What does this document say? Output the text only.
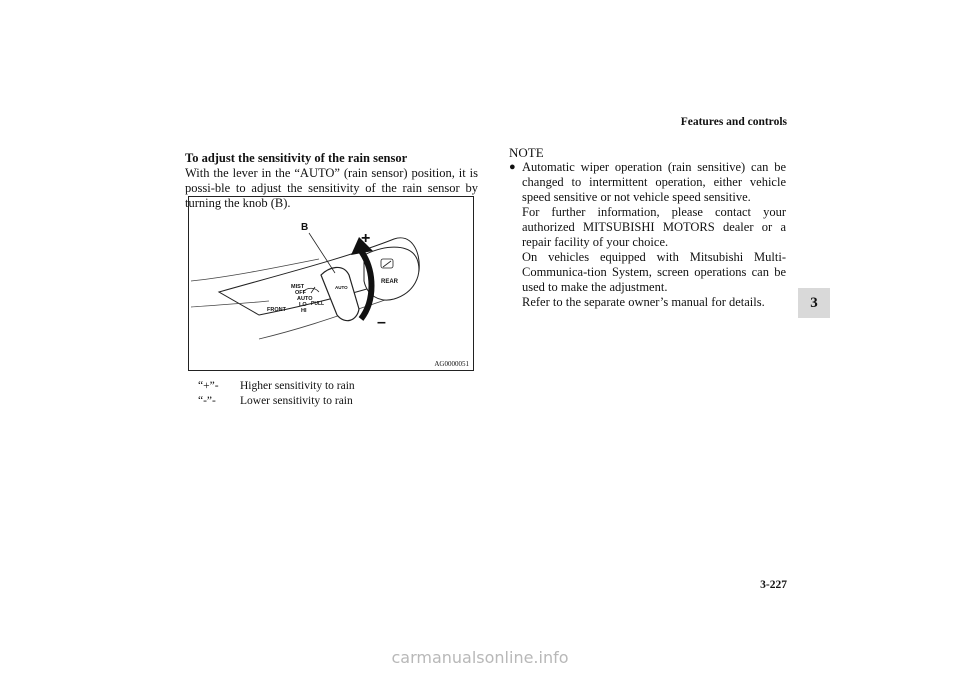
Features and controls
To adjust the sensitivity of the rain sensor
With the lever in the “AUTO” (rain sensor) position, it is possi-ble to adjust the sensitivity of the rain sensor by turning the knob (B).
B
+
–
MIST
OFF
AUTO
LO
HI
FRONT
PULL
AUTO
REAR
AG0000051
“+”-	Higher sensitivity to rain
“-”-	Lower sensitivity to rain
NOTE
● Automatic wiper operation (rain sensitive) can be changed to intermittent operation, either vehicle speed sensitive or not vehicle speed sensitive.

For further information, please contact your authorized MITSUBISHI MOTORS dealer or a repair facility of your choice.

On vehicles equipped with Mitsubishi Multi-Communica-tion System, screen operations can be used to make the adjustment.

Refer to the separate owner’s manual for details.	3
3-227
carmanualsonline.info
